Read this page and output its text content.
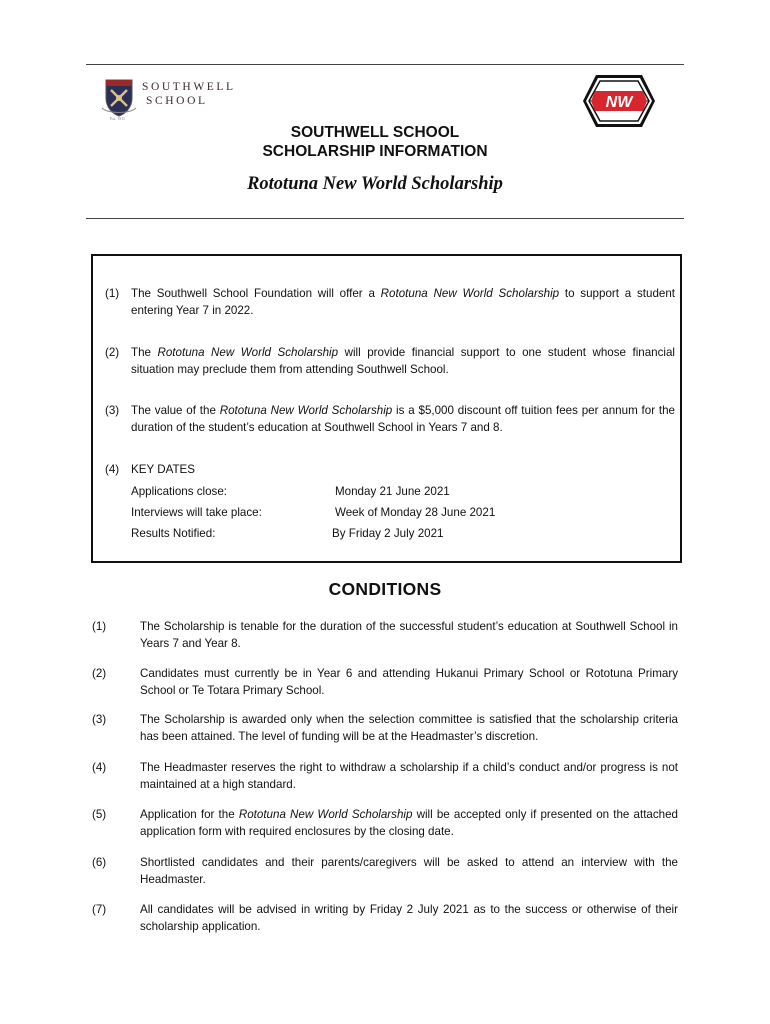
SOUTHWELL
SCHOOL
Est. 1911
NW
SOUTHWELL SCHOOL
SCHOLARSHIP INFORMATION
Rototuna New World Scholarship
(1) The Southwell School Foundation will offer a Rototuna New World Scholarship to support a student entering Year 7 in 2022.
(2) The Rototuna New World Scholarship will provide financial support to one student whose financial situation may preclude them from attending Southwell School.
(3) The value of the Rototuna New World Scholarship is a $5,000 discount off tuition fees per annum for the duration of the student’s education at Southwell School in Years 7 and 8.
(4) KEY DATES
Applications close:	Monday 21 June 2021
Interviews will take place:	Week of Monday 28 June 2021
Results Notified:	By Friday 2 July 2021
CONDITIONS
(1)	The Scholarship is tenable for the duration of the successful student’s education at Southwell School in Years 7 and Year 8.
(2)	Candidates must currently be in Year 6 and attending Hukanui Primary School or Rototuna Primary School or Te Totara Primary School.
(3)	The Scholarship is awarded only when the selection committee is satisfied that the scholarship criteria has been attained. The level of funding will be at the Headmaster’s discretion.
(4)	The Headmaster reserves the right to withdraw a scholarship if a child’s conduct and/or progress is not maintained at a high standard.
(5)	Application for the Rototuna New World Scholarship will be accepted only if presented on the attached application form with required enclosures by the closing date.
(6)	Shortlisted candidates and their parents/caregivers will be asked to attend an interview with the Headmaster.
(7)	All candidates will be advised in writing by Friday 2 July 2021 as to the success or otherwise of their scholarship application.
